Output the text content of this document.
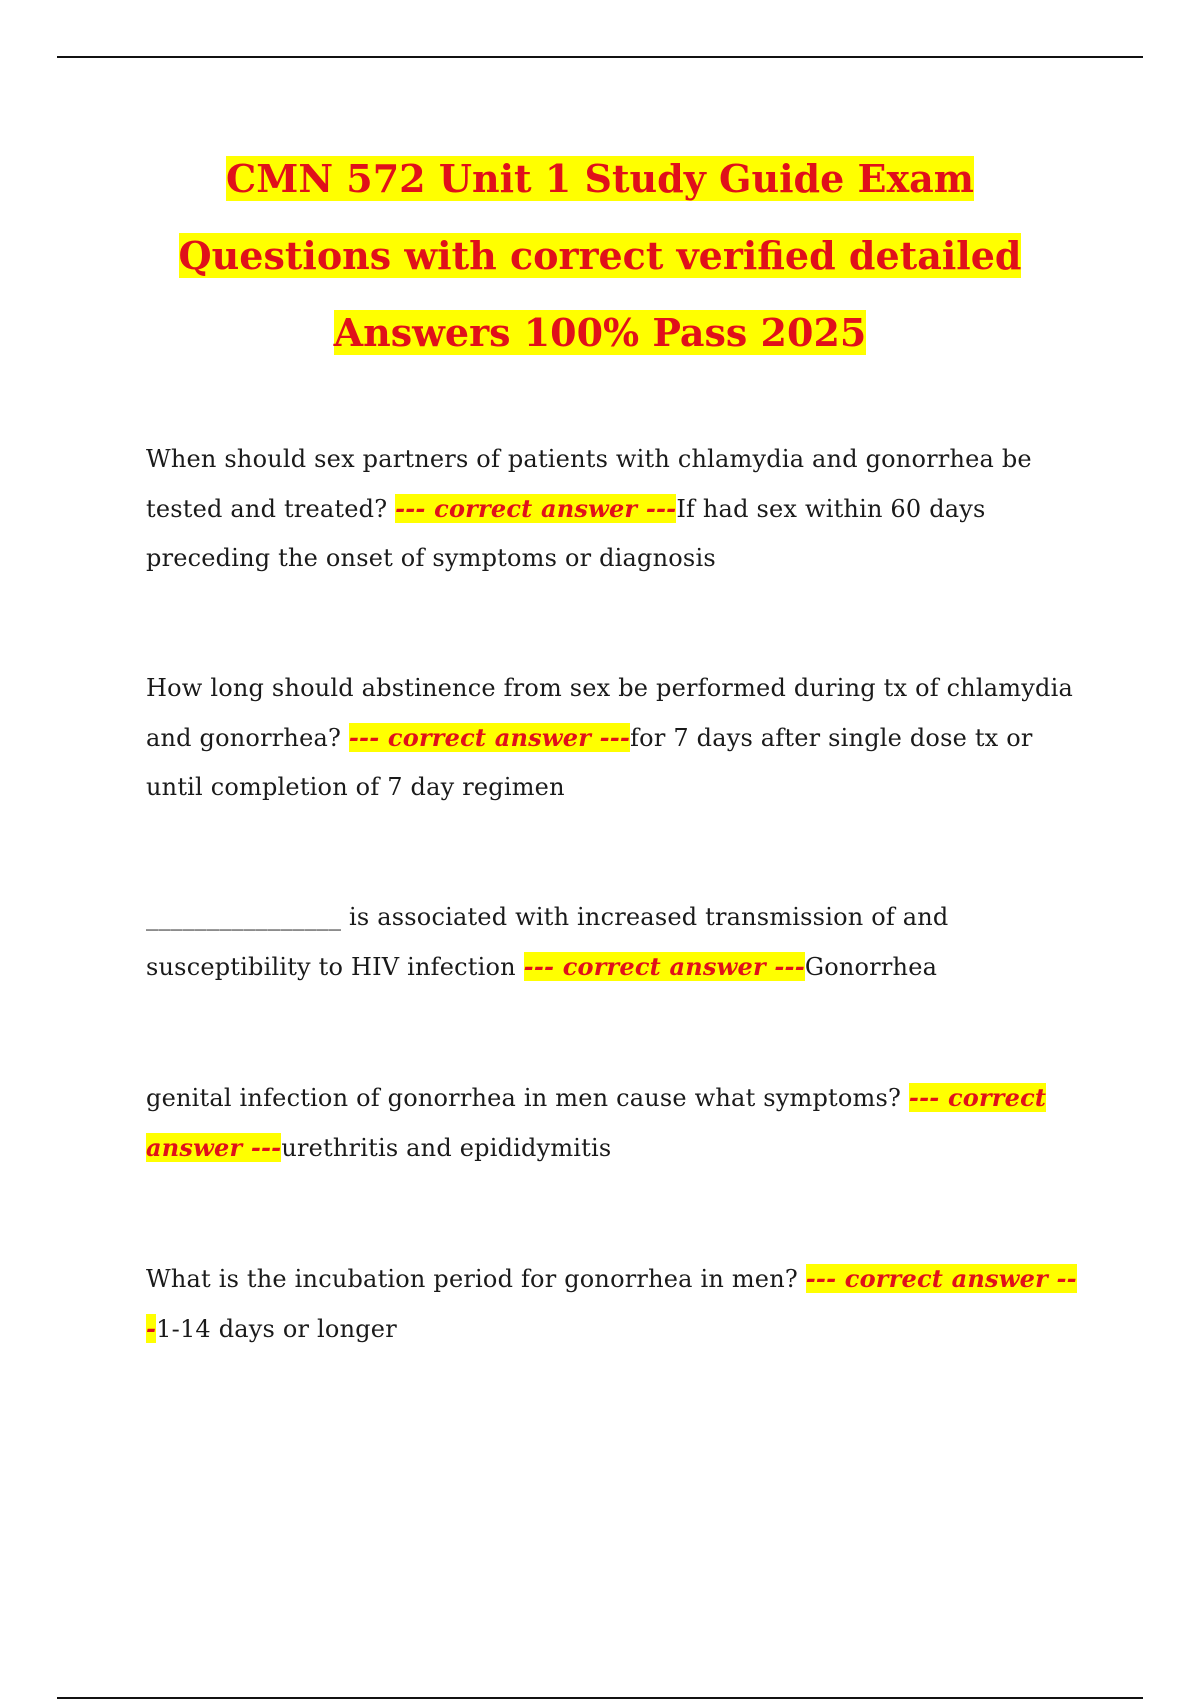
CMN 572 Unit 1 Study Guide Exam
Questions with correct verified detailed
Answers 100% Pass 2025
When should sex partners of patients with chlamydia and gonorrhea be tested and treated? --- correct answer ---If had sex within 60 days preceding the onset of symptoms or diagnosis
How long should abstinence from sex be performed during tx of chlamydia and gonorrhea? --- correct answer ---for 7 days after single dose tx or until completion of 7 day regimen
________________ is associated with increased transmission of and susceptibility to HIV infection --- correct answer ---Gonorrhea
genital infection of gonorrhea in men cause what symptoms? --- correct answer ---urethritis and epididymitis
What is the incubation period for gonorrhea in men? --- correct answer ---1-14 days or longer
